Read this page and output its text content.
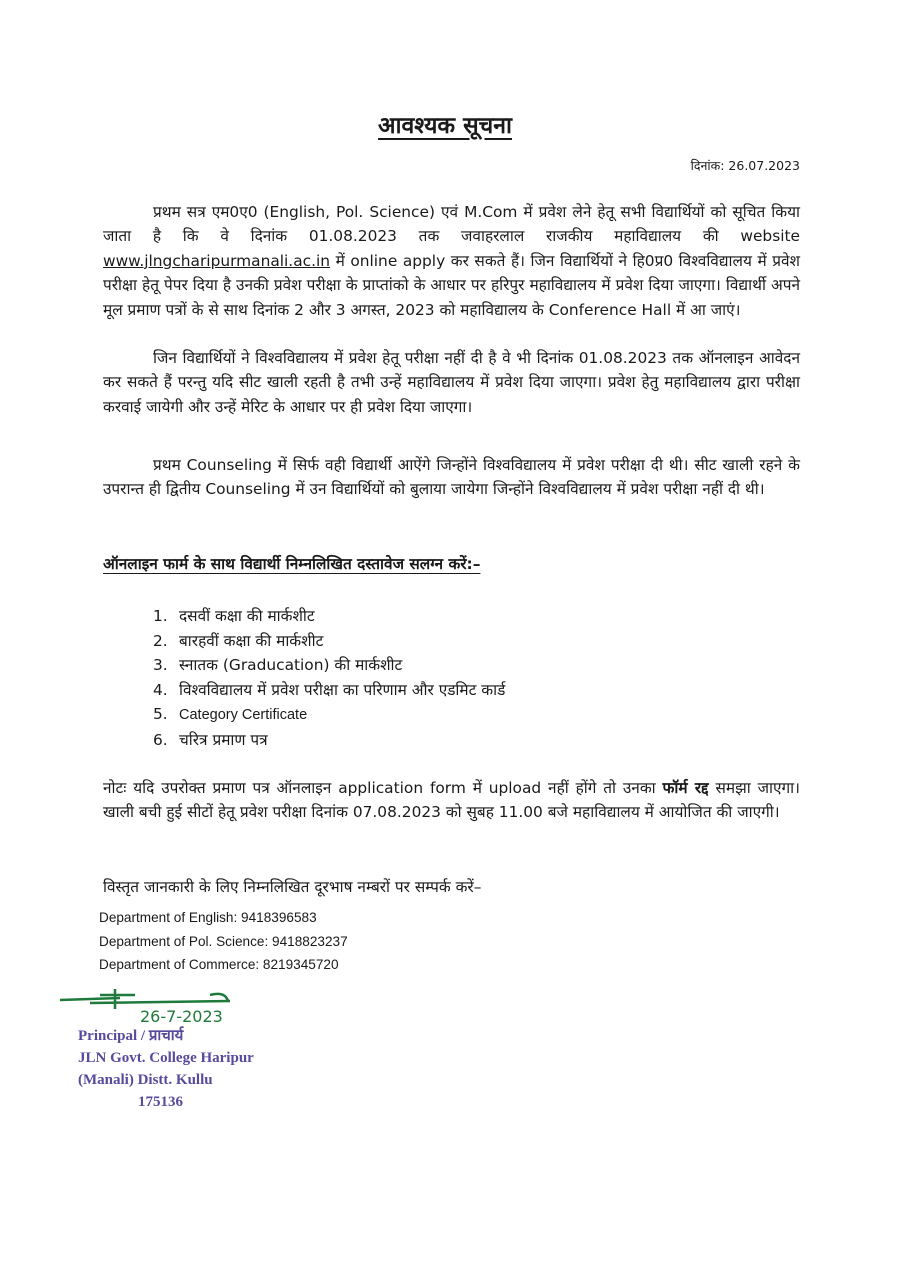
आवश्यक सूचना
दिनांक: 26.07.2023
प्रथम सत्र एम0ए0 (English, Pol. Science) एवं M.Com में प्रवेश लेने हेतू सभी विद्यार्थियों को सूचित किया जाता है कि वे दिनांक 01.08.2023 तक जवाहरलाल राजकीय महाविद्यालय की website www.jlngcharipurmanali.ac.in में online apply कर सकते हैं। जिन विद्यार्थियों ने हि0प्र0 विश्वविद्यालय में प्रवेश परीक्षा हेतू पेपर दिया है उनकी प्रवेश परीक्षा के प्राप्तांको के आधार पर हरिपुर महाविद्यालय में प्रवेश दिया जाएगा। विद्यार्थी अपने मूल प्रमाण पत्रों के से साथ दिनांक 2 और 3 अगस्त, 2023 को महाविद्यालय के Conference Hall में आ जाएं।
जिन विद्यार्थियों ने विश्वविद्यालय में प्रवेश हेतू परीक्षा नहीं दी है वे भी दिनांक 01.08.2023 तक ऑनलाइन आवेदन कर सकते हैं परन्तु यदि सीट खाली रहती है तभी उन्हें महाविद्यालय में प्रवेश दिया जाएगा। प्रवेश हेतु महाविद्यालय द्वारा परीक्षा करवाई जायेगी और उन्हें मेरिट के आधार पर ही प्रवेश दिया जाएगा।
प्रथम Counseling में सिर्फ वही विद्यार्थी आऐंगे जिन्होंने विश्वविद्यालय में प्रवेश परीक्षा दी थी। सीट खाली रहने के उपरान्त ही द्वितीय Counseling में उन विद्यार्थियों को बुलाया जायेगा जिन्होंने विश्वविद्यालय में प्रवेश परीक्षा नहीं दी थी।
ऑनलाइन फार्म के साथ विद्यार्थी निम्नलिखित दस्तावेज सलग्न करें:–
1. दसवीं कक्षा की मार्कशीट
2. बारहवीं कक्षा की मार्कशीट
3. स्नातक (Graducation) की मार्कशीट
4. विश्वविद्यालय में प्रवेश परीक्षा का परिणाम और एडमिट कार्ड
5. Category Certificate
6. चरित्र प्रमाण पत्र
नोटः यदि उपरोक्त प्रमाण पत्र ऑनलाइन application form में upload नहीं होंगे तो उनका फॉर्म रद्द समझा जाएगा। खाली बची हुई सीटों हेतू प्रवेश परीक्षा दिनांक 07.08.2023 को सुबह 11.00 बजे महाविद्यालय में आयोजित की जाएगी।
विस्तृत जानकारी के लिए निम्नलिखित दूरभाष नम्बरों पर सम्पर्क करें–
Department of English: 9418396583
Department of Pol. Science: 9418823237
Department of Commerce: 8219345720
26-7-2023
Principal / प्राचार्य
JLN Govt. College Haripur
(Manali) Distt. Kullu
175136
